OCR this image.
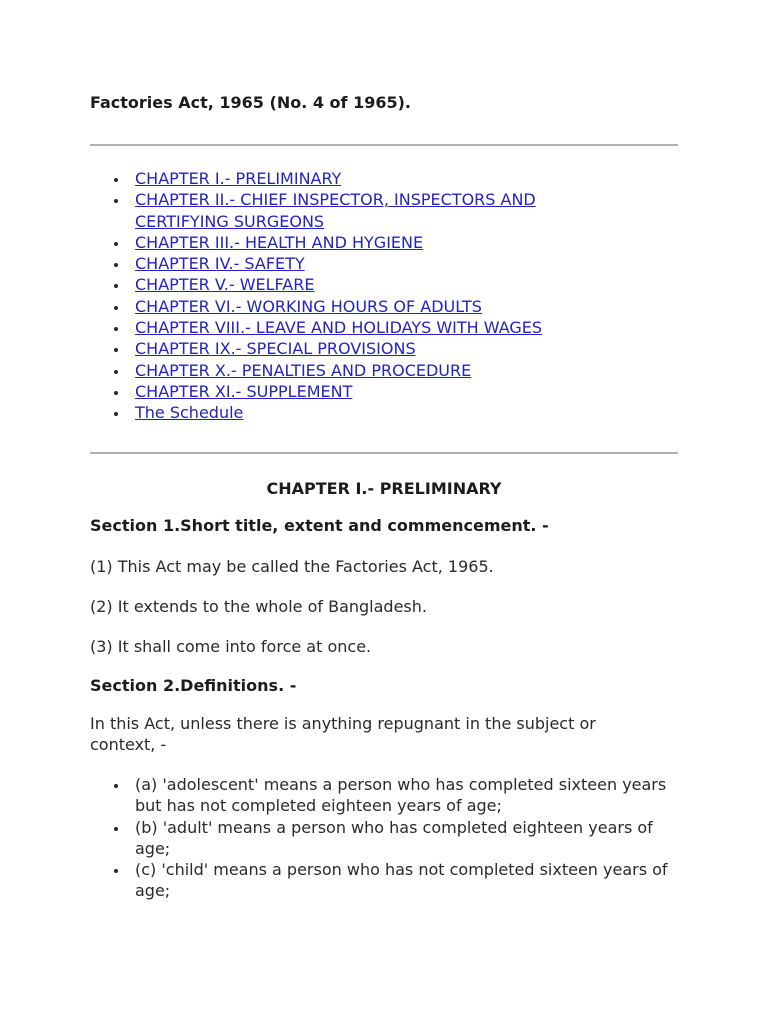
Factories Act, 1965 (No. 4 of 1965).
CHAPTER I.- PRELIMINARY
CHAPTER II.- CHIEF INSPECTOR, INSPECTORS AND CERTIFYING SURGEONS
CHAPTER III.- HEALTH AND HYGIENE
CHAPTER IV.- SAFETY
CHAPTER V.- WELFARE
CHAPTER VI.- WORKING HOURS OF ADULTS
CHAPTER VIII.- LEAVE AND HOLIDAYS WITH WAGES
CHAPTER IX.- SPECIAL PROVISIONS
CHAPTER X.- PENALTIES AND PROCEDURE
CHAPTER XI.- SUPPLEMENT
The Schedule
CHAPTER I.- PRELIMINARY
Section 1.Short title, extent and commencement. -

(1) This Act may be called the Factories Act, 1965.

(2) It extends to the whole of Bangladesh.

(3) It shall come into force at once.

Section 2.Definitions. -

In this Act, unless there is anything repugnant in the subject or context, -

(a) 'adolescent' means a person who has completed sixteen years but has not completed eighteen years of age;
(b) 'adult' means a person who has completed eighteen years of age;
(c) 'child' means a person who has not completed sixteen years of age;
